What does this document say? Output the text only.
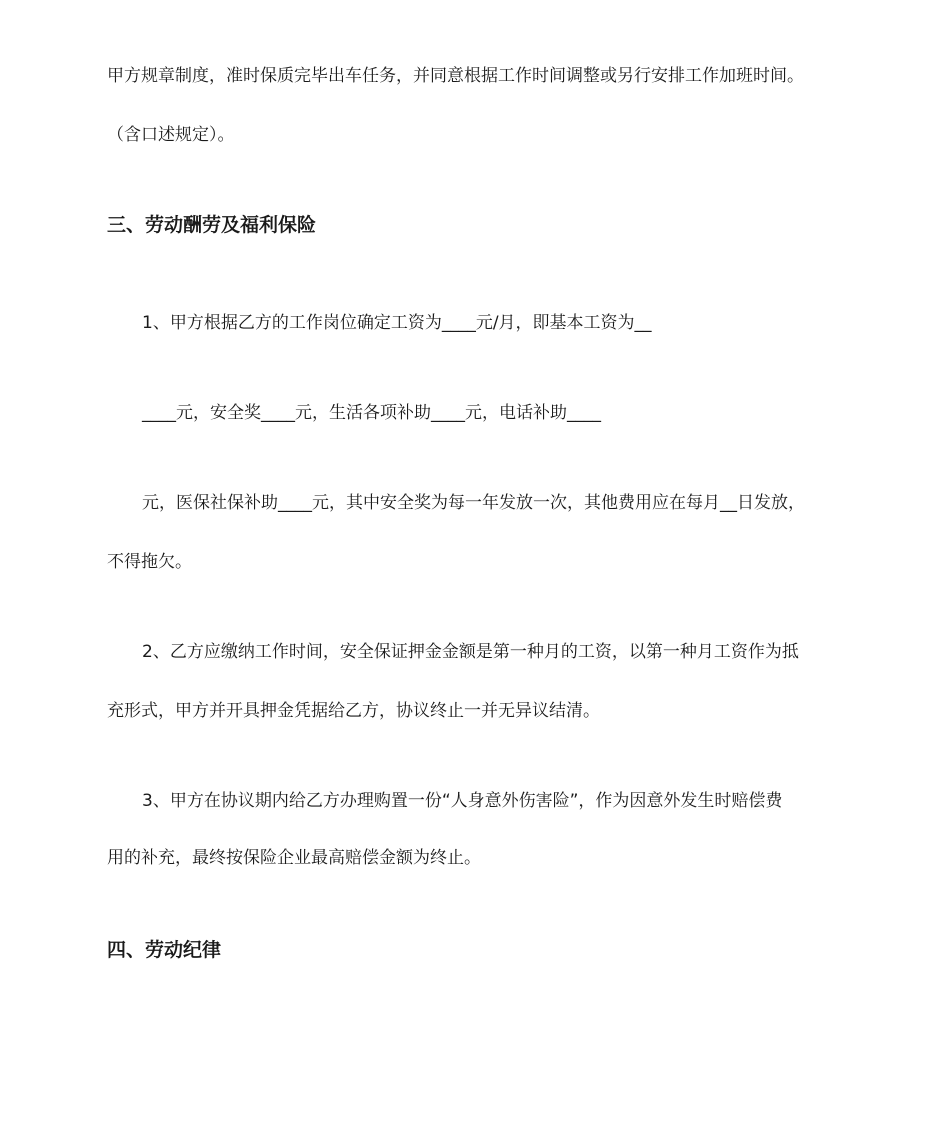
甲方规章制度，准时保质完毕出车任务，并同意根据工作时间调整或另行安排工作加班时间。
（含口述规定）。
三、劳动酬劳及福利保险
1、甲方根据乙方的工作岗位确定工资为____元/月，即基本工资为__
____元，安全奖____元，生活各项补助____元，电话补助____
元，医保社保补助____元，其中安全奖为每一年发放一次，其他费用应在每月__日发放，
不得拖欠。
2、乙方应缴纳工作时间，安全保证押金金额是第一种月的工资，以第一种月工资作为抵
充形式，甲方并开具押金凭据给乙方，协议终止一并无异议结清。
3、甲方在协议期内给乙方办理购置一份“人身意外伤害险”，作为因意外发生时赔偿费
用的补充，最终按保险企业最高赔偿金额为终止。
四、劳动纪律
